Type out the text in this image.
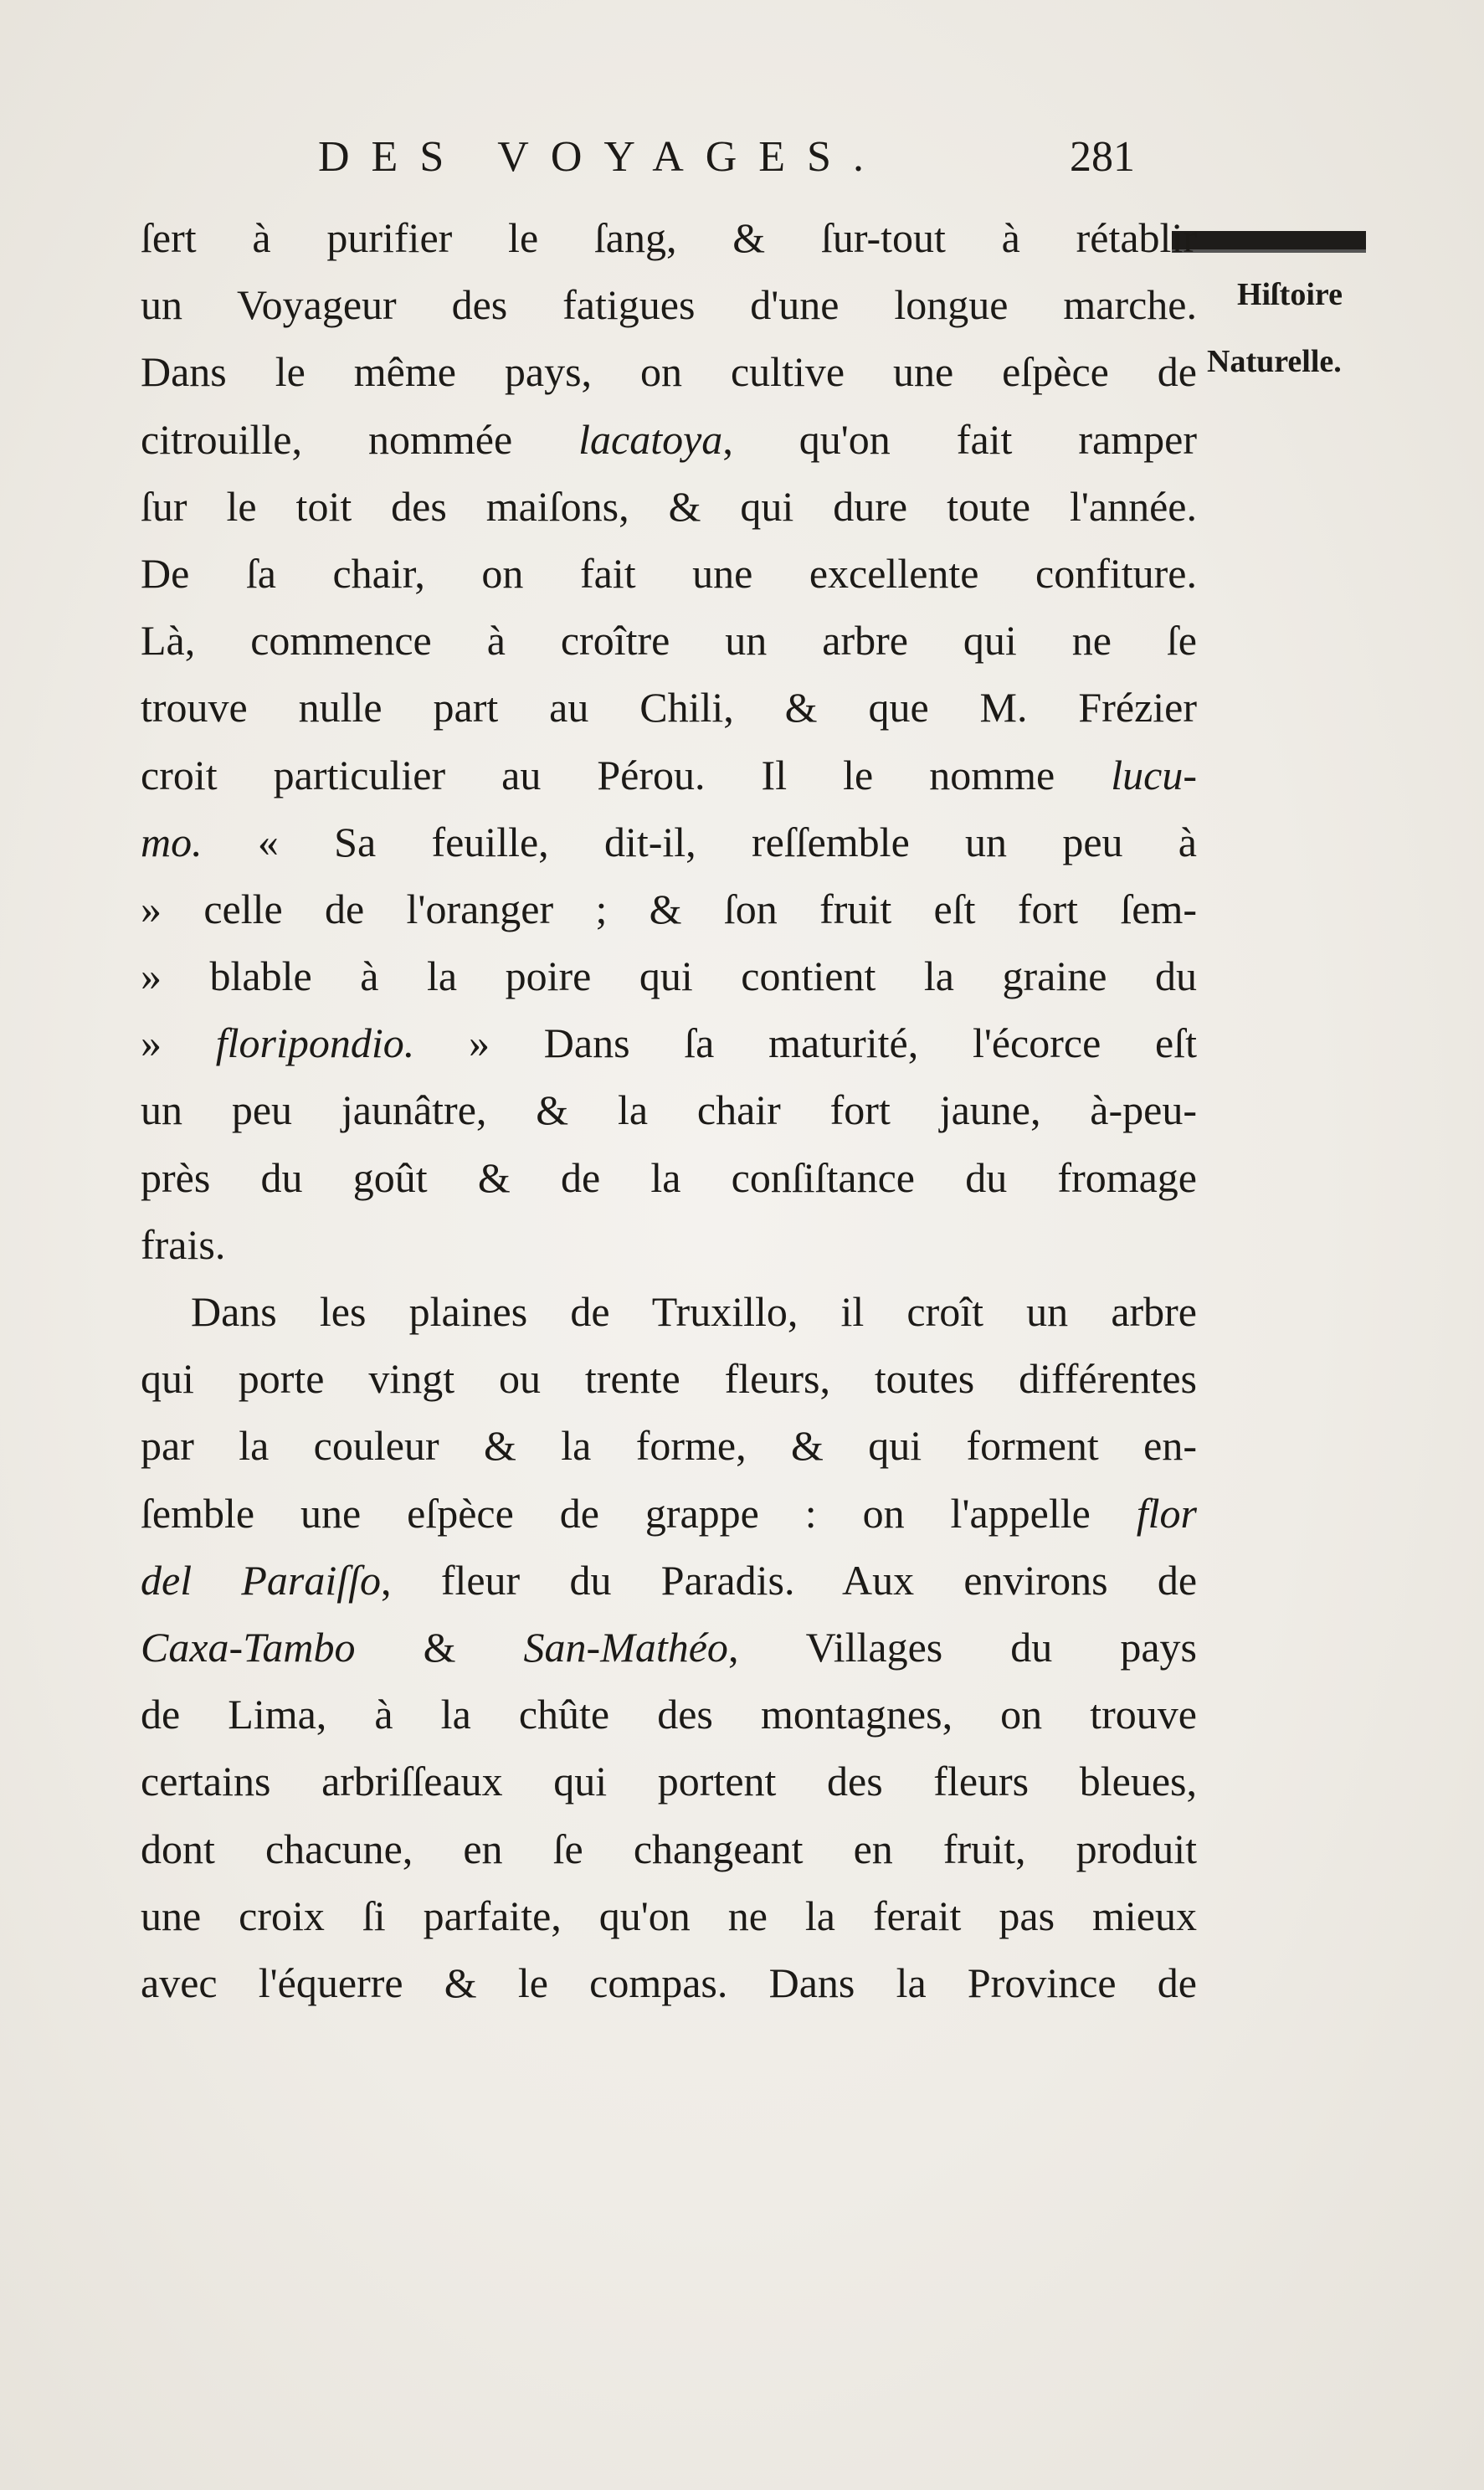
DES VOYAGES.	281
Hiſtoire
Naturelle.
ſert à purifier le ſang, & ſur-tout à rétablir
un Voyageur des fatigues d'une longue marche.
Dans le même pays, on cultive une eſpèce de
citrouille, nommée lacatoya, qu'on fait ramper
ſur le toit des maiſons, & qui dure toute l'année.
De ſa chair, on fait une excellente confiture.
Là, commence à croître un arbre qui ne ſe
trouve nulle part au Chili, & que M. Frézier
croit particulier au Pérou. Il le nomme lucu-
mo. « Sa feuille, dit-il, reſſemble un peu à
» celle de l'oranger ; & ſon fruit eſt fort ſem-
» blable à la poire qui contient la graine du
» floripondio. » Dans ſa maturité, l'écorce eſt
un peu jaunâtre, & la chair fort jaune, à-peu-
près du goût & de la conſiſtance du fromage
frais.
Dans les plaines de Truxillo, il croît un arbre
qui porte vingt ou trente fleurs, toutes différentes
par la couleur & la forme, & qui forment en-
ſemble une eſpèce de grappe : on l'appelle flor
del Paraiſſo, fleur du Paradis. Aux environs de
Caxa-Tambo & San-Mathéo, Villages du pays
de Lima, à la chûte des montagnes, on trouve
certains arbriſſeaux qui portent des fleurs bleues,
dont chacune, en ſe changeant en fruit, produit
une croix ſi parfaite, qu'on ne la ferait pas mieux
avec l'équerre & le compas. Dans la Province de
